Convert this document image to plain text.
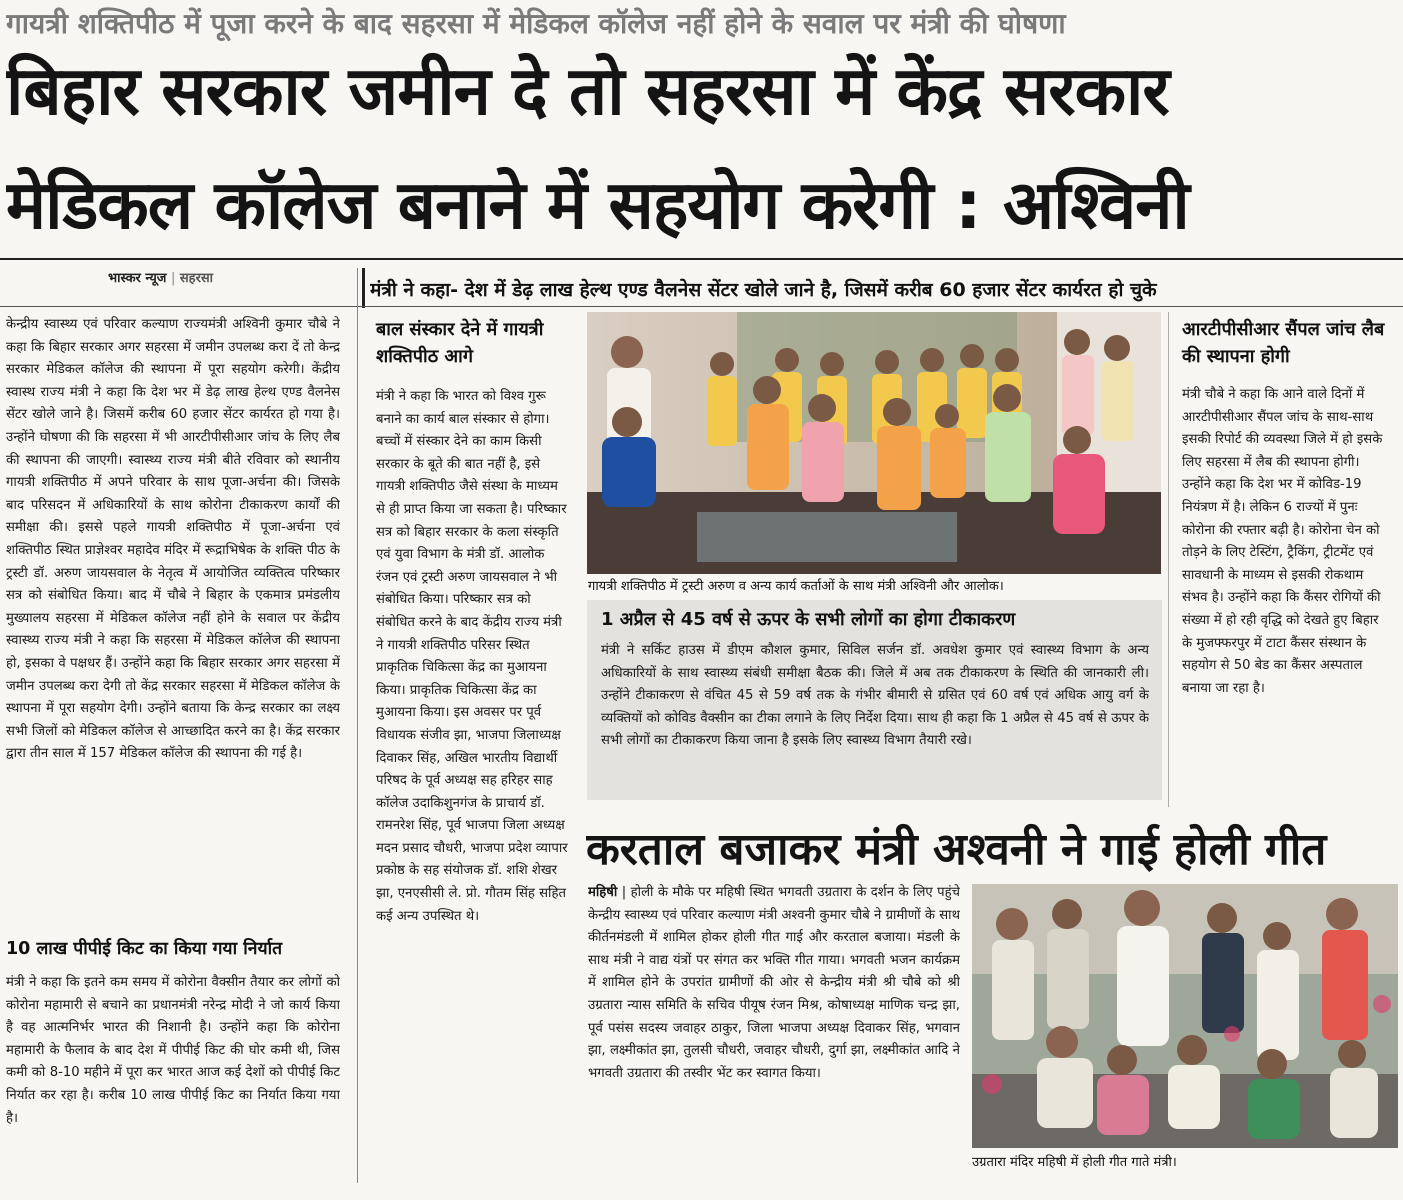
गायत्री शक्तिपीठ में पूजा करने के बाद सहरसा में मेडिकल कॉलेज नहीं होने के सवाल पर मंत्री की घोषणा
बिहार सरकार जमीन दे तो सहरसा में केंद्र सरकार
मेडिकल कॉलेज बनाने में सहयोग करेगी : अश्विनी
भास्कर न्यूज | सहरसा
मंत्री ने कहा- देश में डेढ़ लाख हेल्थ एण्ड वैलनेस सेंटर खोले जाने है, जिसमें करीब 60 हजार सेंटर कार्यरत हो चुके
केन्द्रीय स्वास्थ्य एवं परिवार कल्याण राज्यमंत्री अश्विनी कुमार चौबे ने कहा कि बिहार सरकार अगर सहरसा में जमीन उपलब्ध करा दें तो केन्द्र सरकार मेडिकल कॉलेज की स्थापना में पूरा सहयोग करेगी। केंद्रीय स्वास्थ राज्य मंत्री ने कहा कि देश भर में डेढ़ लाख हेल्थ एण्ड वैलनेस सेंटर खोले जाने है। जिसमें करीब 60 हजार सेंटर कार्यरत हो गया है। उन्होंने घोषणा की कि सहरसा में भी आरटीपीसीआर जांच के लिए लैब की स्थापना की जाएगी। स्वास्थ्य राज्य मंत्री बीते रविवार को स्थानीय गायत्री शक्तिपीठ में अपने परिवार के साथ पूजा-अर्चना की। जिसके बाद परिसदन में अधिकारियों के साथ कोरोना टीकाकरण कार्यों की समीक्षा की। इससे पहले गायत्री शक्तिपीठ में पूजा-अर्चना एवं शक्तिपीठ स्थित प्राज्ञेश्वर महादेव मंदिर में रूद्राभिषेक के शक्ति पीठ के ट्रस्टी डॉ. अरुण जायसवाल के नेतृत्व में आयोजित व्यक्तित्व परिष्कार सत्र को संबोधित किया। बाद में चौबे ने बिहार के एकमात्र प्रमंडलीय मुख्यालय सहरसा में मेडिकल कॉलेज नहीं होने के सवाल पर केंद्रीय स्वास्थ्य राज्य मंत्री ने कहा कि सहरसा में मेडिकल कॉलेज की स्थापना हो, इसका वे पक्षधर हैं। उन्होंने कहा कि बिहार सरकार अगर सहरसा में जमीन उपलब्ध करा देगी तो केंद्र सरकार सहरसा में मेडिकल कॉलेज के स्थापना में पूरा सहयोग देगी। उन्होंने बताया कि केन्द्र सरकार का लक्ष्य सभी जिलों को मेडिकल कॉलेज से आच्छादित करने का है। केंद्र सरकार द्वारा तीन साल में 157 मेडिकल कॉलेज की स्थापना की गई है।
10 लाख पीपीई किट का किया गया निर्यात
मंत्री ने कहा कि इतने कम समय में कोरोना वैक्सीन तैयार कर लोगों को कोरोना महामारी से बचाने का प्रधानमंत्री नरेन्द्र मोदी ने जो कार्य किया है वह आत्मनिर्भर भारत की निशानी है। उन्होंने कहा कि कोरोना महामारी के फैलाव के बाद देश में पीपीई किट की घोर कमी थी, जिस कमी को 8-10 महीने में पूरा कर भारत आज कई देशों को पीपीई किट निर्यात कर रहा है। करीब 10 लाख पीपीई किट का निर्यात किया गया है।
बाल संस्कार देने में गायत्री शक्तिपीठ आगे
मंत्री ने कहा कि भारत को विश्व गुरू बनाने का कार्य बाल संस्कार से होगा। बच्चों में संस्कार देने का काम किसी सरकार के बूते की बात नहीं है, इसे गायत्री शक्तिपीठ जैसे संस्था के माध्यम से ही प्राप्त किया जा सकता है। परिष्कार सत्र को बिहार सरकार के कला संस्कृति एवं युवा विभाग के मंत्री डॉ. आलोक रंजन एवं ट्रस्टी अरुण जायसवाल ने भी संबोधित किया। परिष्कार सत्र को संबोधित करने के बाद केंद्रीय राज्य मंत्री ने गायत्री शक्तिपीठ परिसर स्थित प्राकृतिक चिकित्सा केंद्र का मुआयना किया। प्राकृतिक चिकित्सा केंद्र का मुआयना किया। इस अवसर पर पूर्व विधायक संजीव झा, भाजपा जिलाध्यक्ष दिवाकर सिंह, अखिल भारतीय विद्यार्थी परिषद के पूर्व अध्यक्ष सह हरिहर साह कॉलेज उदाकिशुनगंज के प्राचार्य डॉ. रामनरेश सिंह, पूर्व भाजपा जिला अध्यक्ष मदन प्रसाद चौधरी, भाजपा प्रदेश व्यापार प्रकोष्ठ के सह संयोजक डॉ. शशि शेखर झा, एनएसीसी ले. प्रो. गौतम सिंह सहित कई अन्य उपस्थित थे।
गायत्री शक्तिपीठ में ट्रस्टी अरुण व अन्य कार्य कर्ताओं के साथ मंत्री अश्विनी और आलोक।
1 अप्रैल से 45 वर्ष से ऊपर के सभी लोगों का होगा टीकाकरण
मंत्री ने सर्किट हाउस में डीएम कौशल कुमार, सिविल सर्जन डॉ. अवधेश कुमार एवं स्वास्थ्य विभाग के अन्य अधिकारियों के साथ स्वास्थ्य संबंधी समीक्षा बैठक की। जिले में अब तक टीकाकरण के स्थिति की जानकारी ली। उन्होंने टीकाकरण से वंचित 45 से 59 वर्ष तक के गंभीर बीमारी से ग्रसित एवं 60 वर्ष एवं अधिक आयु वर्ग के व्यक्तियों को कोविड वैक्सीन का टीका लगाने के लिए निर्देश दिया। साथ ही कहा कि 1 अप्रैल से 45 वर्ष से ऊपर के सभी लोगों का टीकाकरण किया जाना है इसके लिए स्वास्थ्य विभाग तैयारी रखे।
आरटीपीसीआर सैंपल जांच लैब की स्थापना होगी
मंत्री चौबे ने कहा कि आने वाले दिनों में आरटीपीसीआर सैंपल जांच के साथ-साथ इसकी रिपोर्ट की व्यवस्था जिले में हो इसके लिए सहरसा में लैब की स्थापना होगी। उन्होंने कहा कि देश भर में कोविड-19 नियंत्रण में है। लेकिन 6 राज्यों में पुनः कोरोना की रफ्तार बढ़ी है। कोरोना चेन को तोड़ने के लिए टेस्टिंग, ट्रैकिंग, ट्रीटमेंट एवं सावधानी के माध्यम से इसकी रोकथाम संभव है। उन्होंने कहा कि कैंसर रोगियों की संख्या में हो रही वृद्धि को देखते हुए बिहार के मुजफ्फरपुर में टाटा कैंसर संस्थान के सहयोग से 50 बेड का कैंसर अस्पताल बनाया जा रहा है।
करताल बजाकर मंत्री अश्वनी ने गाई होली गीत
महिषी | होली के मौके पर महिषी स्थित भगवती उग्रतारा के दर्शन के लिए पहुंचे केन्द्रीय स्वास्थ्य एवं परिवार कल्याण मंत्री अश्वनी कुमार चौबे ने ग्रामीणों के साथ कीर्तनमंडली में शामिल होकर होली गीत गाई और करताल बजाया। मंडली के साथ मंत्री ने वाद्य यंत्रों पर संगत कर भक्ति गीत गाया। भगवती भजन कार्यक्रम में शामिल होने के उपरांत ग्रामीणों की ओर से केन्द्रीय मंत्री श्री चौबे को श्री उग्रतारा न्यास समिति के सचिव पीयूष रंजन मिश्र, कोषाध्यक्ष माणिक चन्द्र झा, पूर्व पसंस सदस्य जवाहर ठाकुर, जिला भाजपा अध्यक्ष दिवाकर सिंह, भगवान झा, लक्ष्मीकांत झा, तुलसी चौधरी, जवाहर चौधरी, दुर्गा झा, लक्ष्मीकांत आदि ने भगवती उग्रतारा की तस्वीर भेंट कर स्वागत किया।
उग्रतारा मंदिर महिषी में होली गीत गाते मंत्री।
